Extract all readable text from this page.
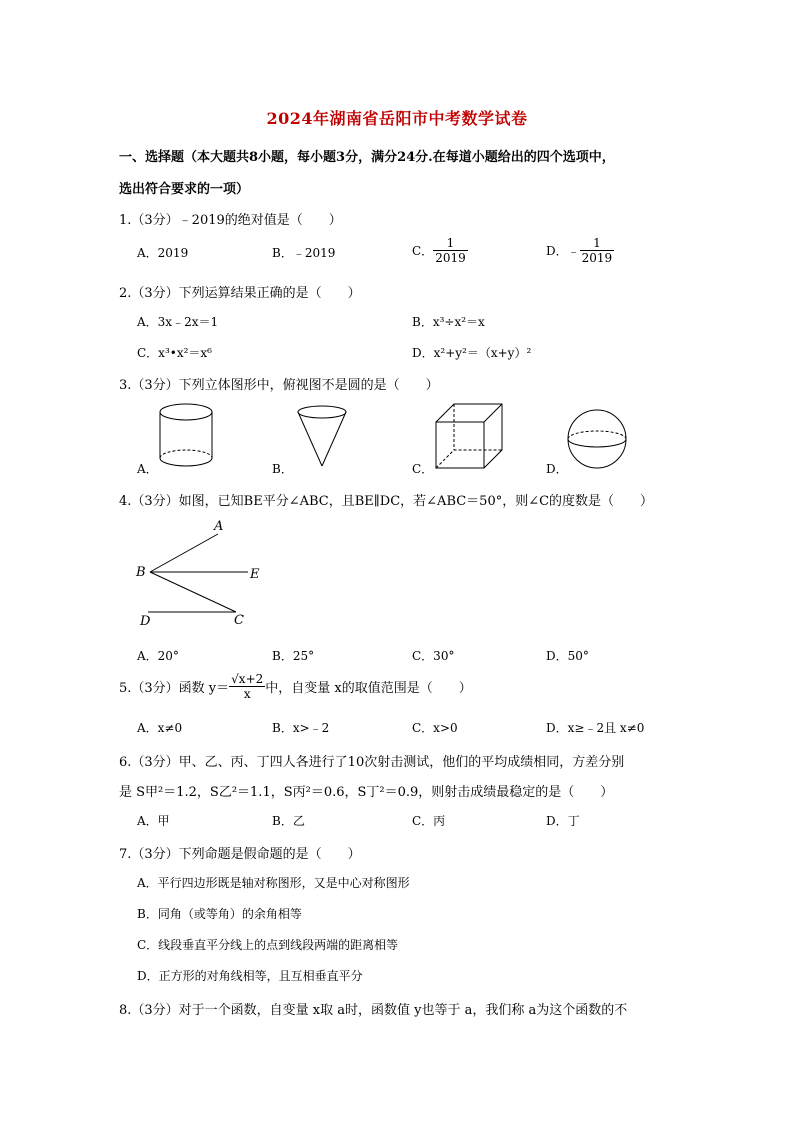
2024年湖南省岳阳市中考数学试卷
一、选择题（本大题共8小题，每小题3分，满分24分.在每道小题给出的四个选项中，
选出符合要求的一项）
1.（3分）﹣2019的绝对值是（　　）
A．2019	B．﹣2019	C． $\frac{1}{2019}$	D．﹣ $\frac{1}{2019}$
2.（3分）下列运算结果正确的是（　　）
A．3x﹣2x＝1	B．x³÷x²＝x
C．x³•x²＝x⁶	D．x²+y²＝（x+y）²
3.（3分）下列立体图形中，俯视图不是圆的是（　　）
A．	B．	C．	D．
4.（3分）如图，已知BE平分∠ABC，且BE∥DC，若∠ABC＝50°，则∠C的度数是（　　）
A
B	E
D	C
A．20°	B．25°	C．30°	D．50°
5.（3分）函数 $y= \frac{√x+2}{x}$ 中，自变量 x的取值范围是（　　）
A．x≠0	B．x>﹣2	C．x>0	D．x≥﹣2且 x≠0
6.（3分）甲、乙、丙、丁四人各进行了10次射击测试，他们的平均成绩相同，方差分别
是 S甲²＝1.2，S乙²＝1.1，S丙²＝0.6，S丁²＝0.9，则射击成绩最稳定的是（　　）
A．甲	B．乙	C．丙	D．丁
7.（3分）下列命题是假命题的是（　　）
A．平行四边形既是轴对称图形，又是中心对称图形
B．同角（或等角）的余角相等
C．线段垂直平分线上的点到线段两端的距离相等
D．正方形的对角线相等，且互相垂直平分
8.（3分）对于一个函数，自变量 x取 a时，函数值 y也等于 a，我们称 a为这个函数的不
